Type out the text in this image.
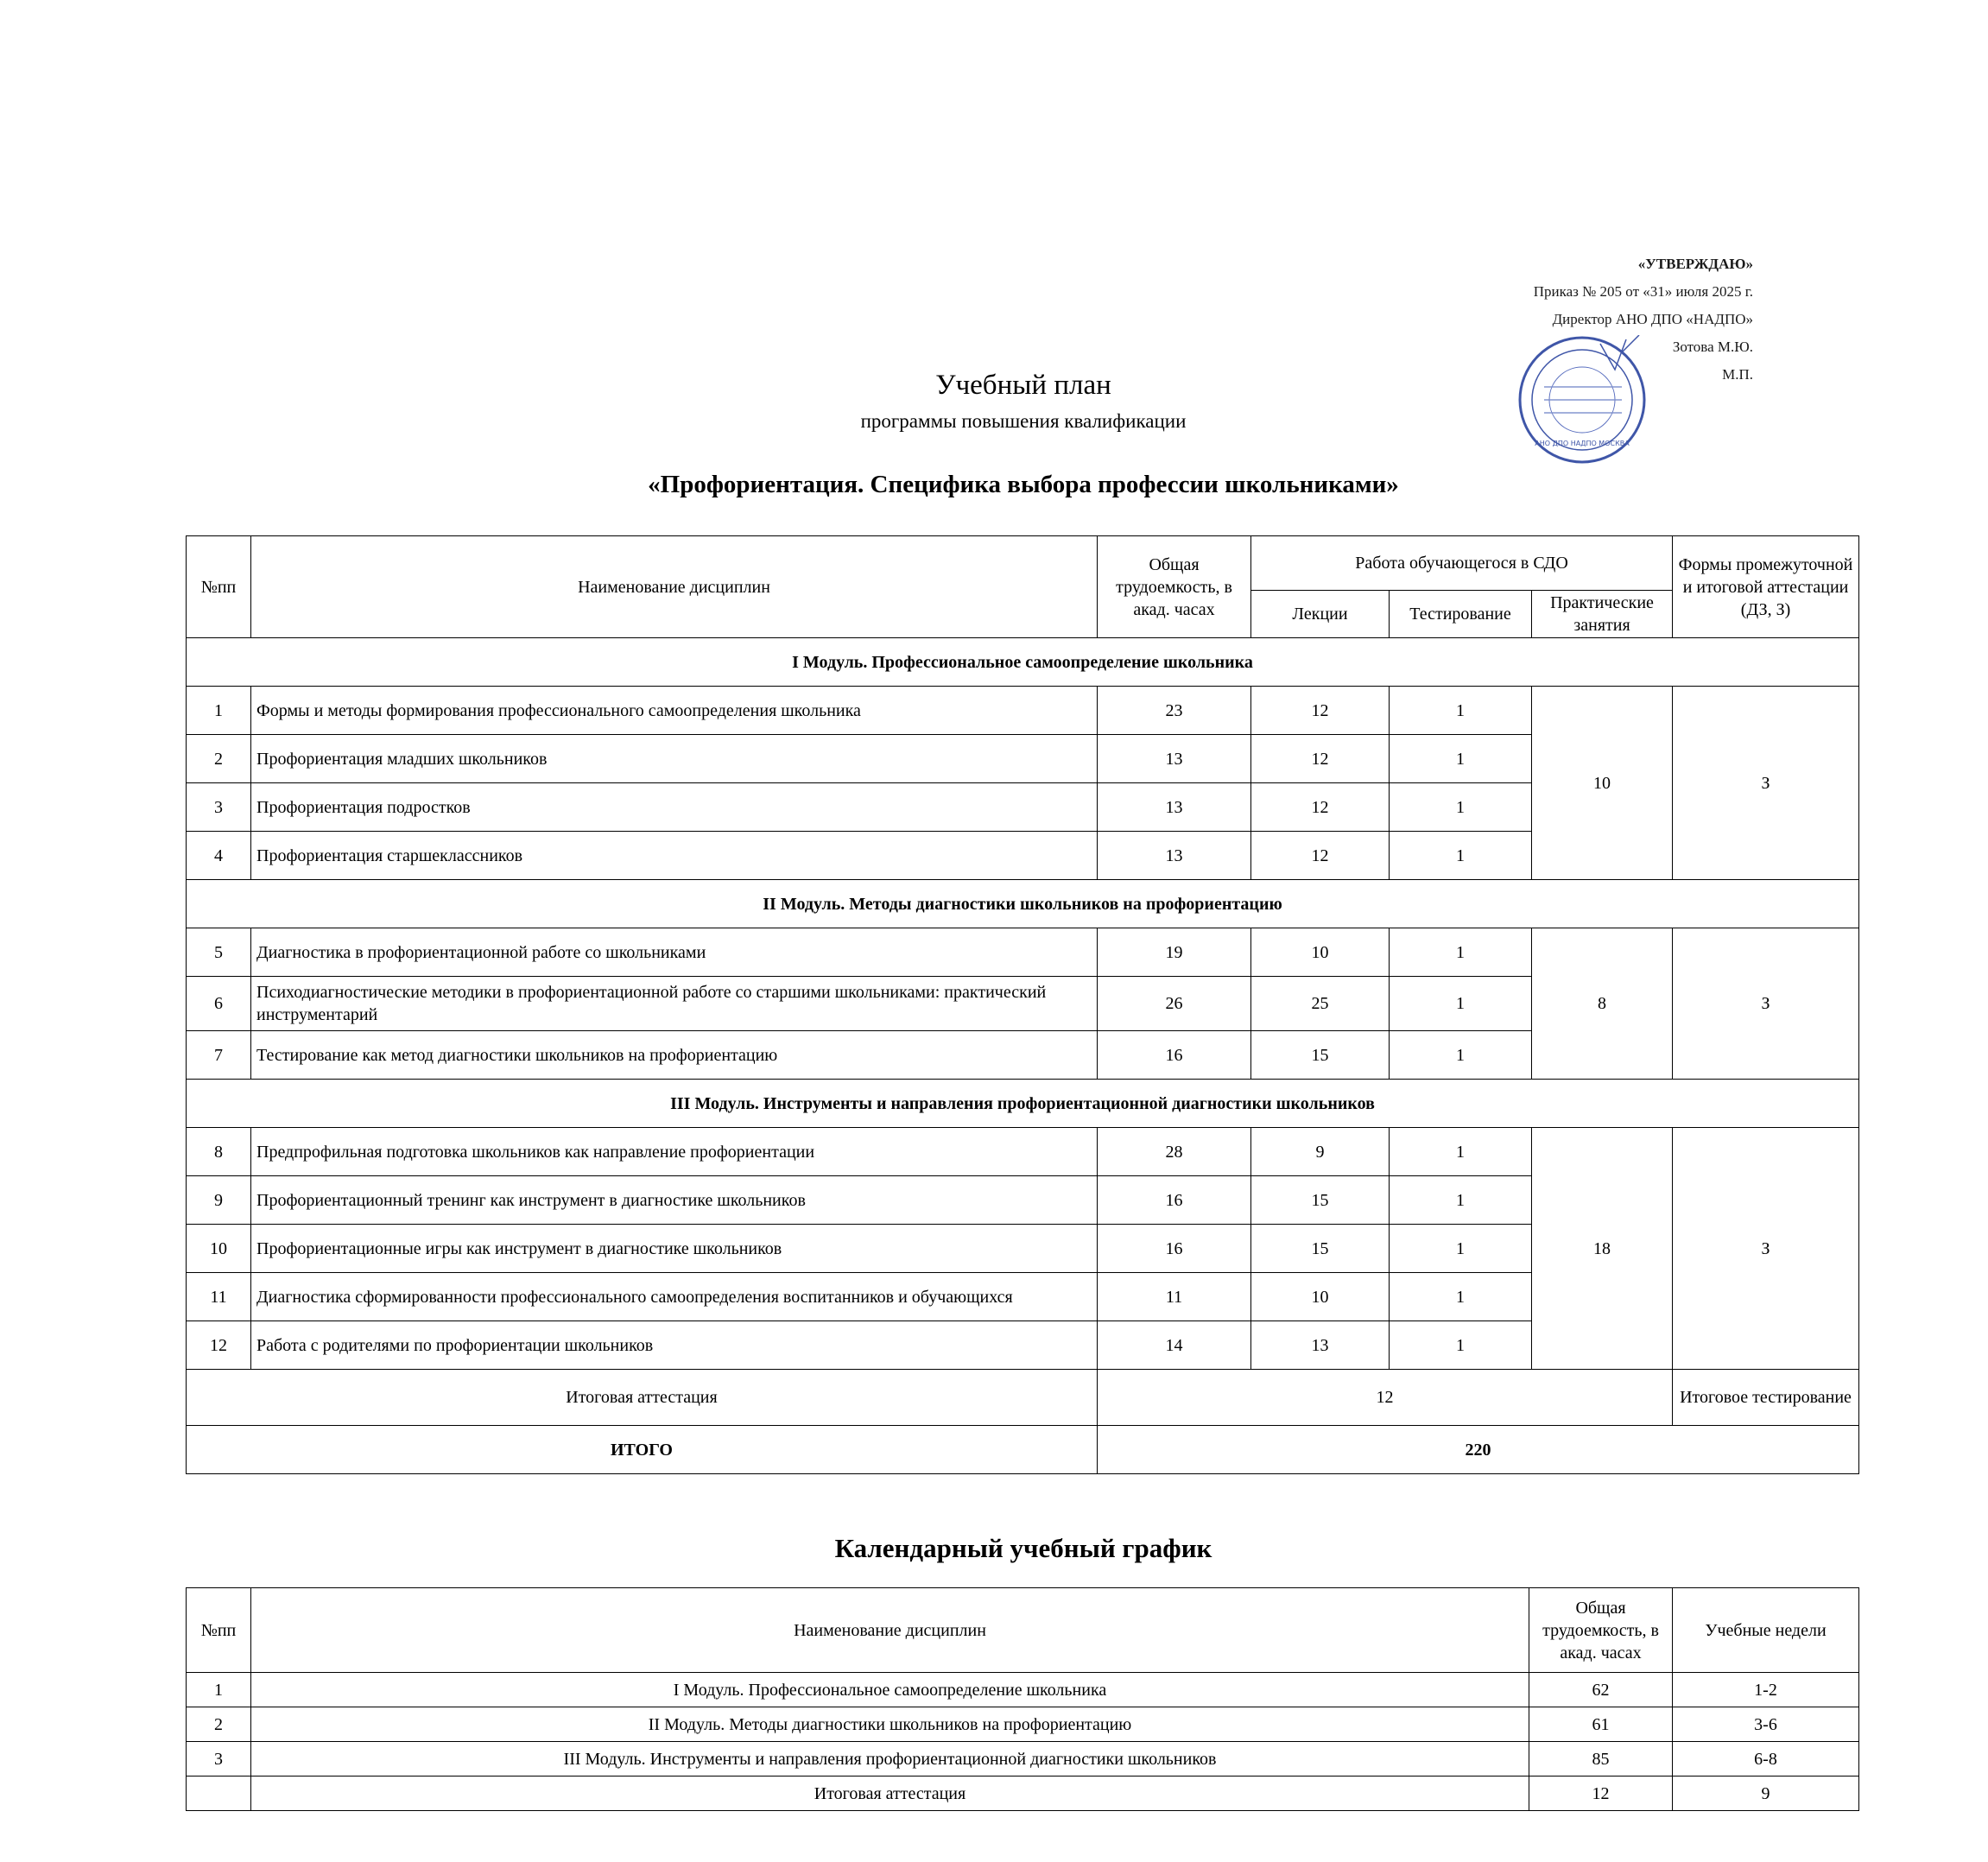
«УТВЕРЖДАЮ»
Приказ № 205 от «31» июля 2025 г.
Директор АНО ДПО «НАДПО»
Зотова М.Ю.
М.П.
АНО ДПО НАДПО МОСКВА
Учебный план
программы повышения квалификации
«Профориентация. Специфика выбора профессии школьниками»
№пп	Наименование дисциплин	Общая трудоемкость, в акад. часах	Работа обучающегося в СДО			Формы промежуточной и итоговой аттестации (ДЗ, З)
			Лекции	Тестирование	Практические занятия	
I Модуль. Профессиональное самоопределение школьника						
1	Формы и методы формирования профессионального самоопределения школьника	23	12	1	10	З
2	Профориентация младших школьников	13	12	1		
3	Профориентация подростков	13	12	1		
4	Профориентация старшеклассников	13	12	1		
II Модуль. Методы диагностики школьников на профориентацию						
5	Диагностика в профориентационной работе со школьниками	19	10	1	8	З
6	Психодиагностические методики в профориентационной работе со старшими школьниками: практический инструментарий	26	25	1		
7	Тестирование как метод диагностики школьников на профориентацию	16	15	1		
III Модуль. Инструменты и направления профориентационной диагностики школьников						
8	Предпрофильная подготовка школьников как направление профориентации	28	9	1	18	З
9	Профориентационный тренинг как инструмент в диагностике школьников	16	15	1		
10	Профориентационные игры как инструмент в диагностике школьников	16	15	1		
11	Диагностика сформированности профессионального самоопределения воспитанников и обучающихся	11	10	1		
12	Работа с родителями по профориентации школьников	14	13	1		
Итоговая аттестация		12				Итоговое тестирование
ИТОГО		220				
Календарный учебный график
№пп	Наименование дисциплин	Общая трудоемкость, в акад. часах	Учебные недели
1	I Модуль. Профессиональное самоопределение школьника	62	1-2
2	II Модуль. Методы диагностики школьников на профориентацию	61	3-6
3	III Модуль. Инструменты и направления профориентационной диагностики школьников	85	6-8
	Итоговая аттестация	12	9
